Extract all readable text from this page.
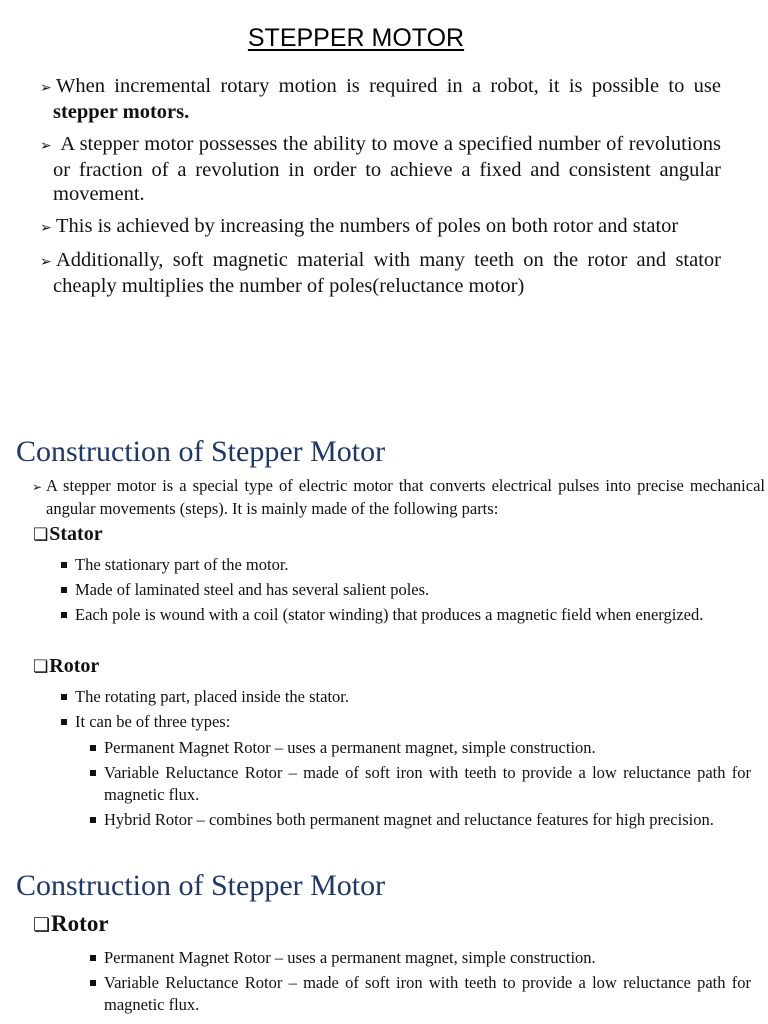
STEPPER MOTOR
➢ When incremental rotary motion is required in a robot, it is possible to use stepper motors.
➢ A stepper motor possesses the ability to move a specified number of revolutions or fraction of a revolution in order to achieve a fixed and consistent angular movement.
➢ This is achieved by increasing the numbers of poles on both rotor and stator
➢ Additionally, soft magnetic material with many teeth on the rotor and stator cheaply multiplies the number of poles(reluctance motor)
Construction of Stepper Motor

➢ A stepper motor is a special type of electric motor that converts electrical pulses into precise mechanical angular movements (steps). It is mainly made of the following parts:

❏Stator
The stationary part of the motor.
Made of laminated steel and has several salient poles.
Each pole is wound with a coil (stator winding) that produces a magnetic field when energized.
❏Rotor
The rotating part, placed inside the stator.
It can be of three types:
Permanent Magnet Rotor – uses a permanent magnet, simple construction.
Variable Reluctance Rotor – made of soft iron with teeth to provide a low reluctance path for magnetic flux.
Hybrid Rotor – combines both permanent magnet and reluctance features for high precision.
Construction of Stepper Motor
❏Rotor
Permanent Magnet Rotor – uses a permanent magnet, simple construction.
Variable Reluctance Rotor – made of soft iron with teeth to provide a low reluctance path for magnetic flux.
